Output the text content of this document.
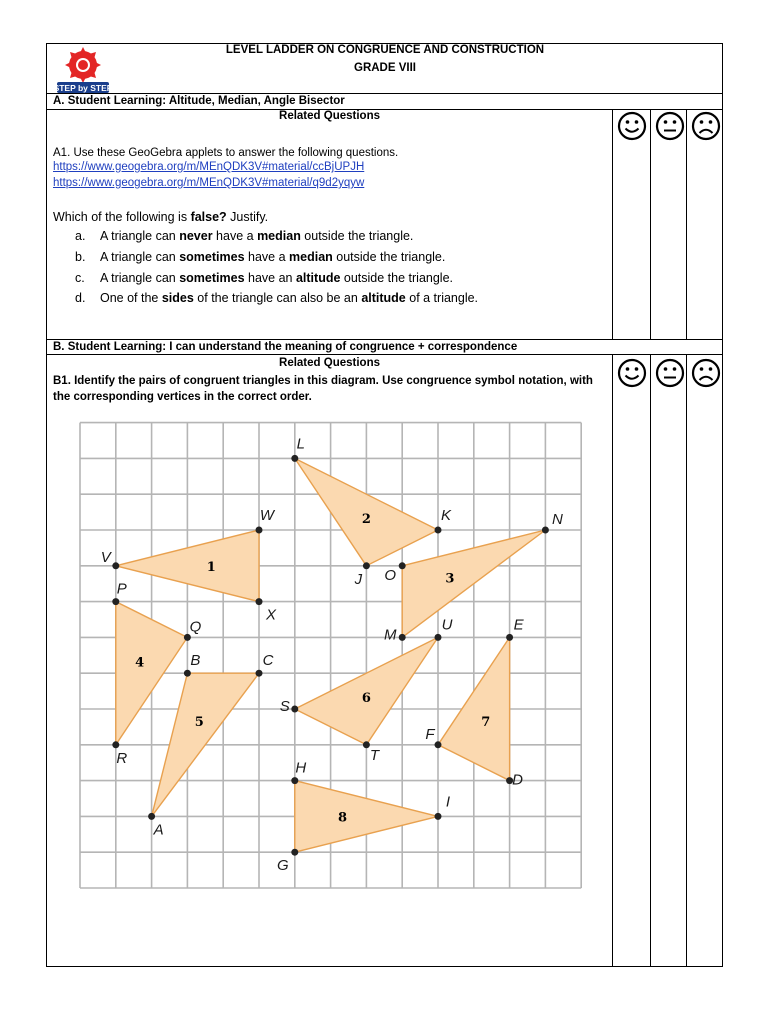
STEP by STEP
LEVEL LADDER ON CONGRUENCE AND CONSTRUCTION
GRADE VIII
A. Student Learning: Altitude, Median, Angle Bisector
Related Questions
A1. Use these GeoGebra applets to answer the following questions.
https://www.geogebra.org/m/MEnQDK3V#material/ccBjUPJH
https://www.geogebra.org/m/MEnQDK3V#material/q9d2yqyw
Which of the following is false? Justify.
a. A triangle can never have a median outside the triangle.
b. A triangle can sometimes have a median outside the triangle.
c. A triangle can sometimes have an altitude outside the triangle.
d. One of the sides of the triangle can also be an altitude of a triangle.
B. Student Learning: I can understand the meaning of congruence + correspondence
Related Questions
B1. Identify the pairs of congruent triangles in this diagram. Use congruence symbol notation, with the corresponding vertices in the correct order.
1
2
3
4
5
6
7
8
L
W	K	N
V
J O
X
P
Q	M
U	E
B	C
S
R	T
F
H
D
A
I
G
